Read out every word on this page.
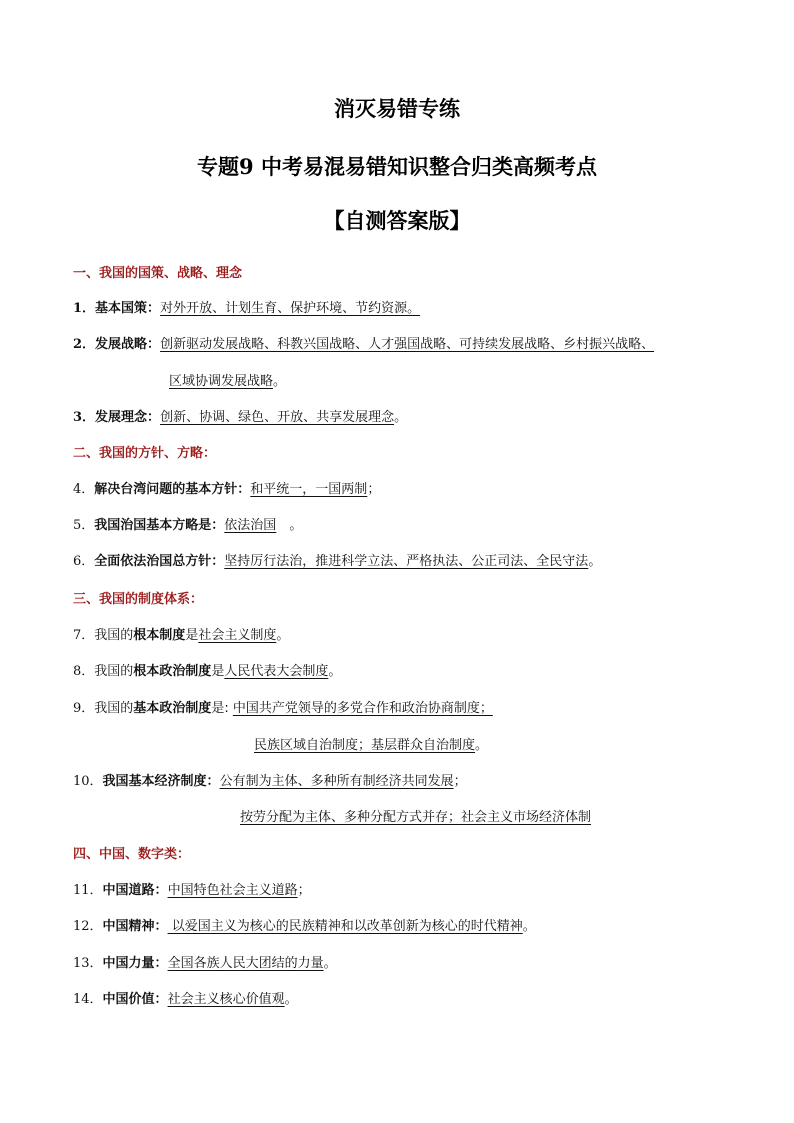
消灭易错专练
专题9 中考易混易错知识整合归类高频考点
【自测答案版】
一、我国的国策、战略、理念
1．基本国策：对外开放、计划生育、保护环境、节约资源。
2．发展战略：创新驱动发展战略、科教兴国战略、人才强国战略、可持续发展战略、乡村振兴战略、
区域协调发展战略。
3．发展理念：创新、协调、绿色、开放、共享发展理念。
二、我国的方针、方略：
4．解决台湾问题的基本方针：和平统一，一国两制；
5．我国治国基本方略是：依法治国　。
6．全面依法治国总方针：坚持厉行法治，推进科学立法、严格执法、公正司法、全民守法。
三、我国的制度体系：
7．我国的根本制度是社会主义制度。
8．我国的根本政治制度是人民代表大会制度。
9．我国的基本政治制度是: 中国共产党领导的多党合作和政治协商制度；
民族区域自治制度；基层群众自治制度。
10．我国基本经济制度：公有制为主体、多种所有制经济共同发展；
按劳分配为主体、多种分配方式并存；社会主义市场经济体制
四、中国、数字类：
11．中国道路：中国特色社会主义道路；
12．中国精神： 以爱国主义为核心的民族精神和以改革创新为核心的时代精神。
13．中国力量：全国各族人民大团结的力量。
14．中国价值：社会主义核心价值观。
